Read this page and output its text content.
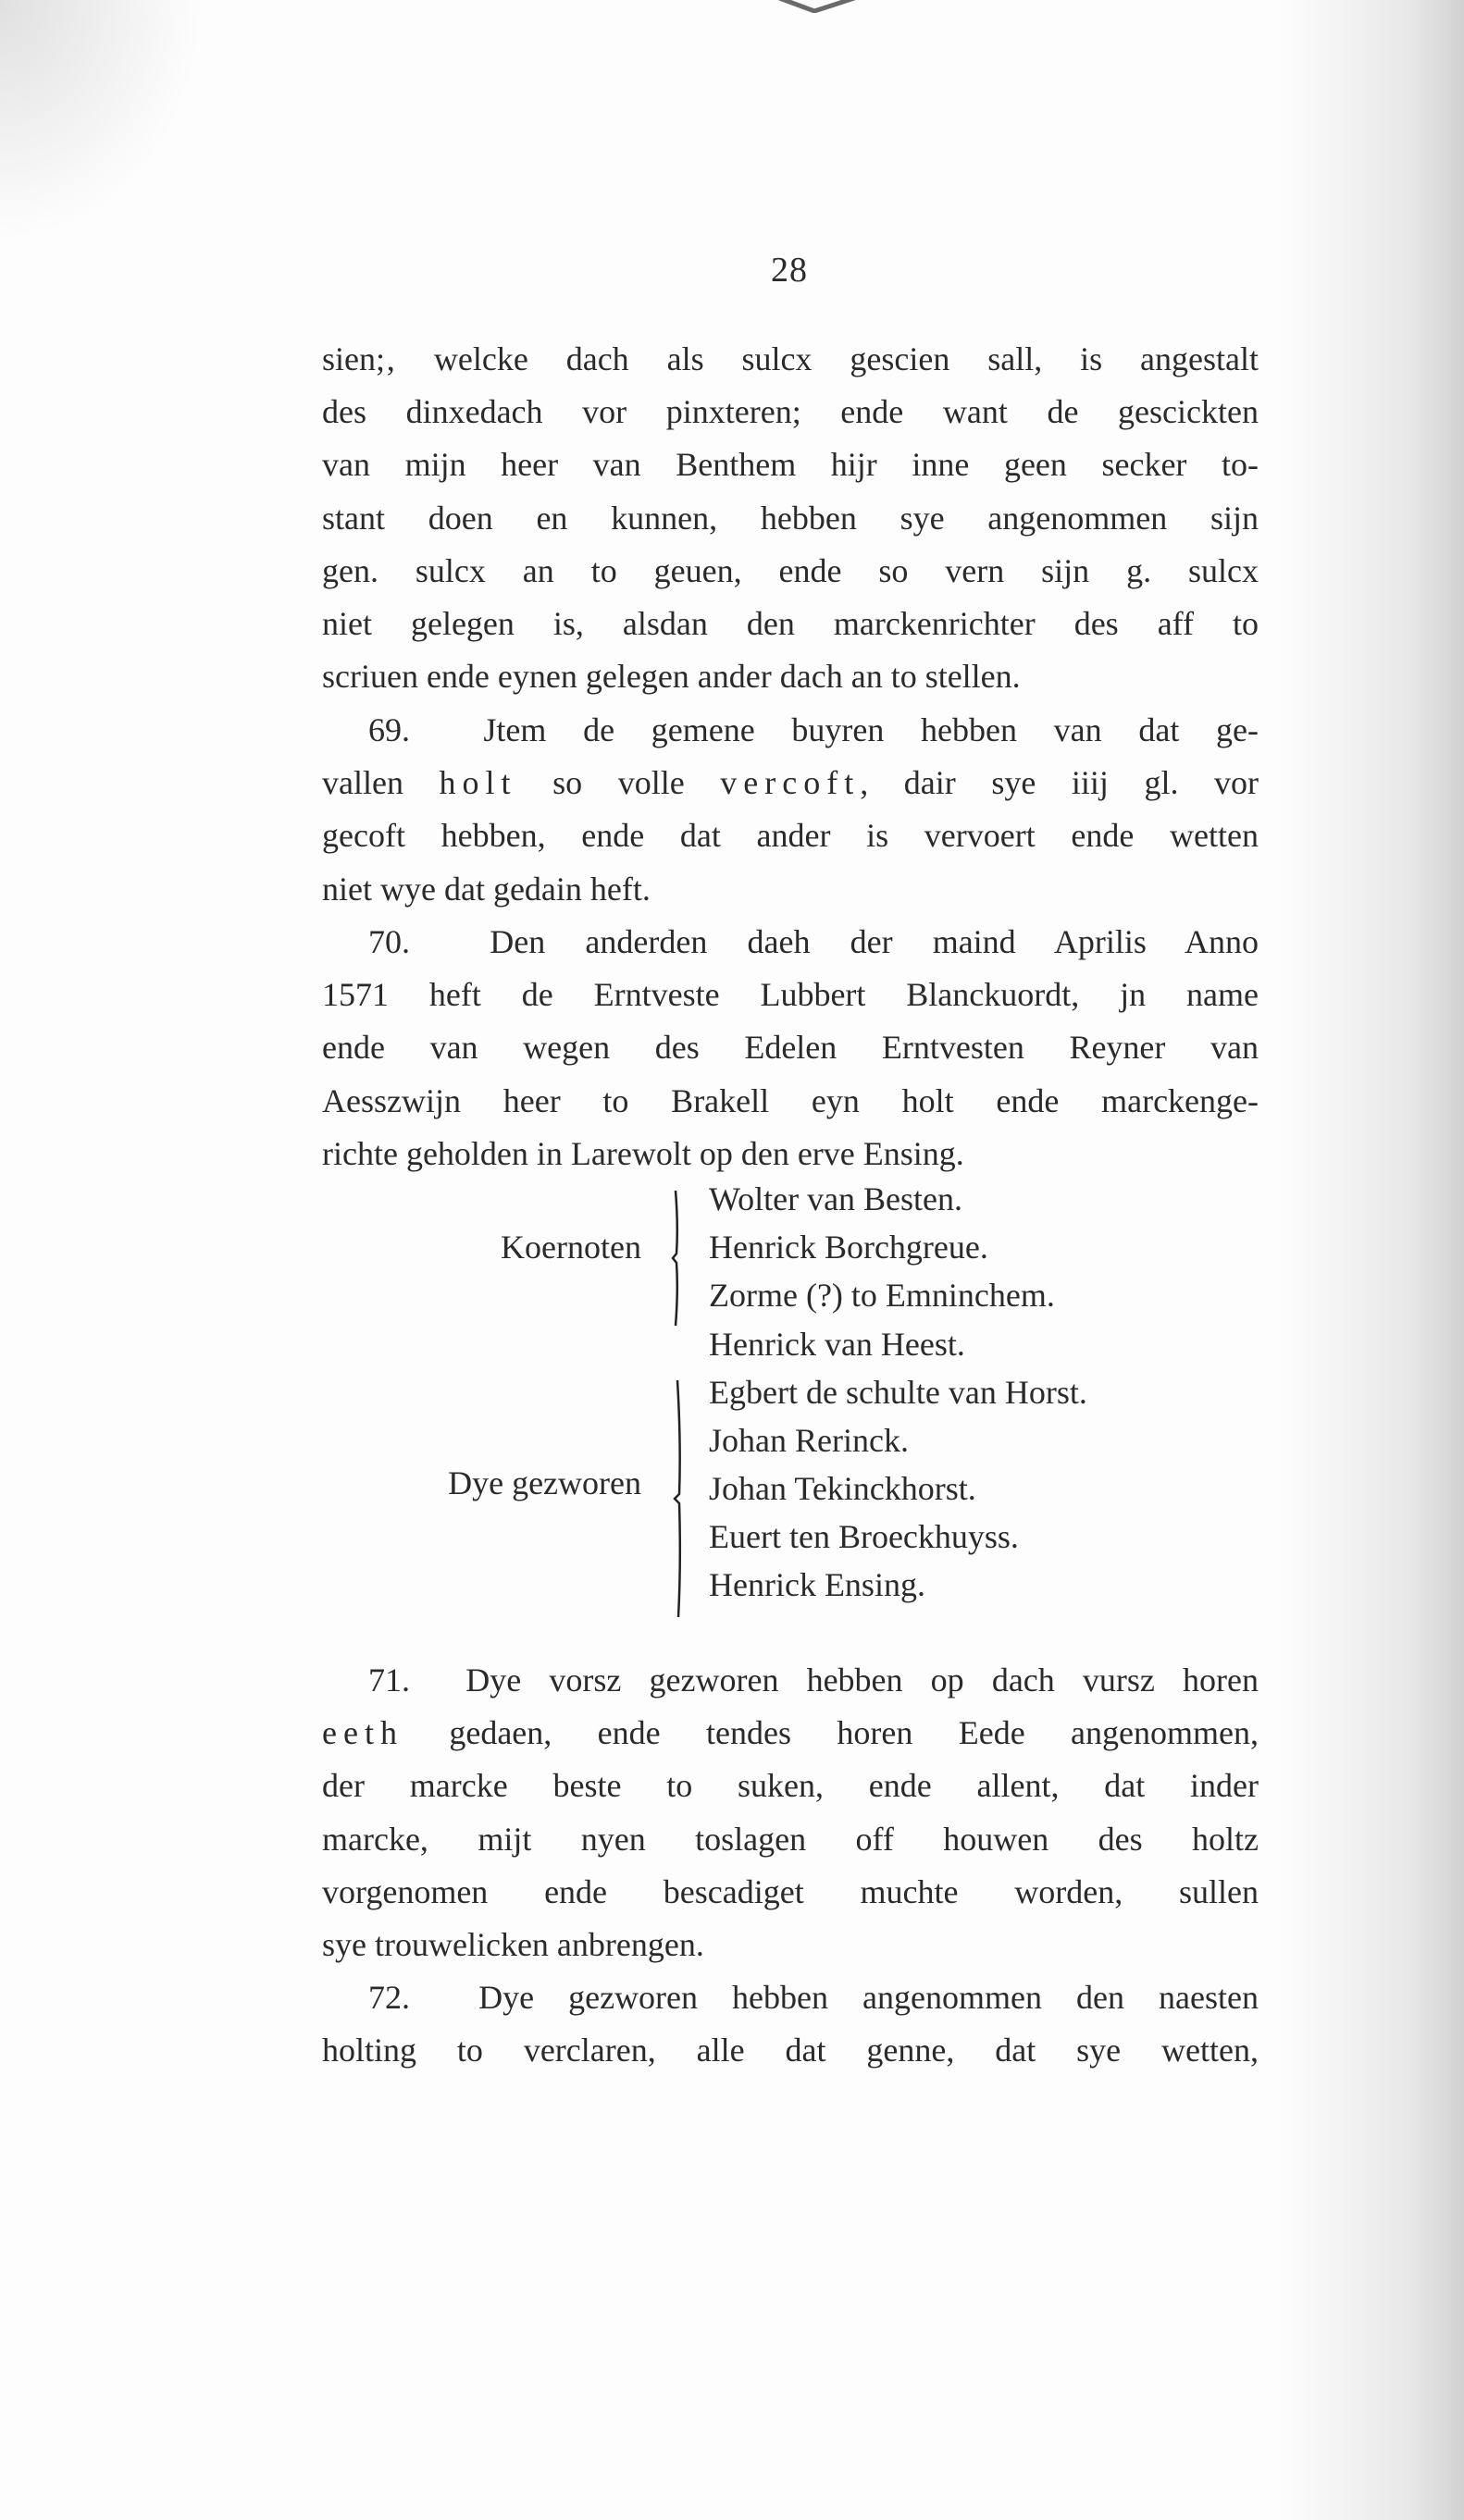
28
sien;‚ welcke dach als sulcx gescien sall, is angestalt
des dinxedach vor pinxteren; ende want de gescickten
van mijn heer van Benthem hijr inne geen secker to-
stant doen en kunnen, hebben sye angenommen sijn
gen. sulcx an to geuen, ende so vern sijn g. sulcx
niet gelegen is, alsdan den marckenrichter des aff to
scriuen ende eynen gelegen ander dach an to stellen.
69. Jtem de gemene buyren hebben van dat ge-
vallen holt so volle vercoft, dair sye iiij gl. vor
gecoft hebben, ende dat ander is vervoert ende wetten
niet wye dat gedain heft.
70. Den anderden daeh der maind Aprilis Anno
1571 heft de Erntveste Lubbert Blanckuordt, jn name
ende van wegen des Edelen Erntvesten Reyner van
Aesszwijn heer to Brakell eyn holt ende marckenge-
richte geholden in Larewolt op den erve Ensing.
Koernoten
Wolter van Besten.
Henrick Borchgreue.
Zorme (?) to Emninchem.
Dye gezworen
Henrick van Heest.
Egbert de schulte van Horst.
Johan Rerinck.
Johan Tekinckhorst.
Euert ten Broeckhuyss.
Henrick Ensing.
71. Dye vorsz gezworen hebben op dach vursz horen
eeth gedaen, ende tendes horen Eede angenommen,
der marcke beste to suken, ende allent, dat inder
marcke, mijt nyen toslagen off houwen des holtz
vorgenomen ende bescadiget muchte worden, sullen
sye trouwelicken anbrengen.
72. Dye gezworen hebben angenommen den naesten
holting to verclaren, alle dat genne, dat sye wetten,
